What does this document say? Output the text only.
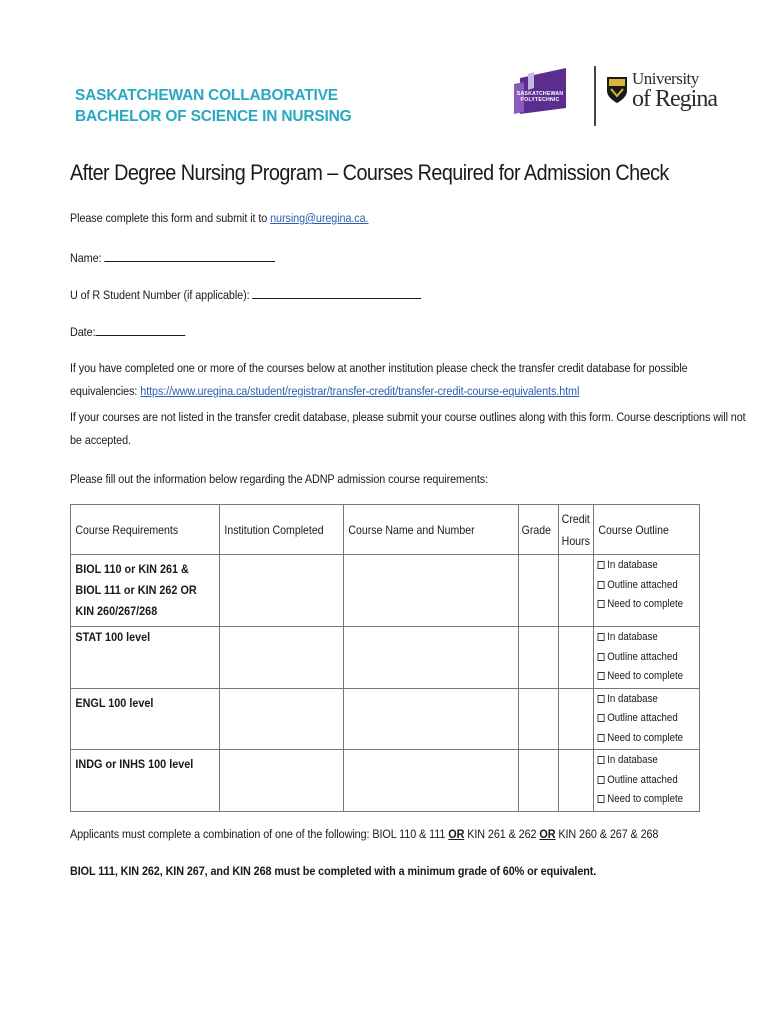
SASKATCHEWAN COLLABORATIVE
BACHELOR OF SCIENCE IN NURSING
SASKATCHEWAN
POLYTECHNIC
University
of Regina
After Degree Nursing Program – Courses Required for Admission Check
Please complete this form and submit it to nursing@uregina.ca.
Name:
U of R Student Number (if applicable):
Date:
If you have completed one or more of the courses below at another institution please check the transfer credit database for possible
equivalencies: https://www.uregina.ca/student/registrar/transfer-credit/transfer-credit-course-equivalents.html
If your courses are not listed in the transfer credit database, please submit your course outlines along with this form. Course descriptions will not
be accepted.
Please fill out the information below regarding the ADNP admission course requirements:
Course Requirements	Institution Completed	Course Name and Number	Grade	Credit
Hours	Course Outline

BIOL 110 or KIN 261 &
BIOL 111 or KIN 262 OR
KIN 260/267/268					In database
Outline attached
Need to complete

STAT 100 level					In database
Outline attached
Need to complete

ENGL 100 level					In database
Outline attached
Need to complete

INDG or INHS 100 level					In database
Outline attached
Need to complete
Applicants must complete a combination of one of the following: BIOL 110 & 111 OR KIN 261 & 262 OR KIN 260 & 267 & 268
BIOL 111, KIN 262, KIN 267, and KIN 268 must be completed with a minimum grade of 60% or equivalent.
